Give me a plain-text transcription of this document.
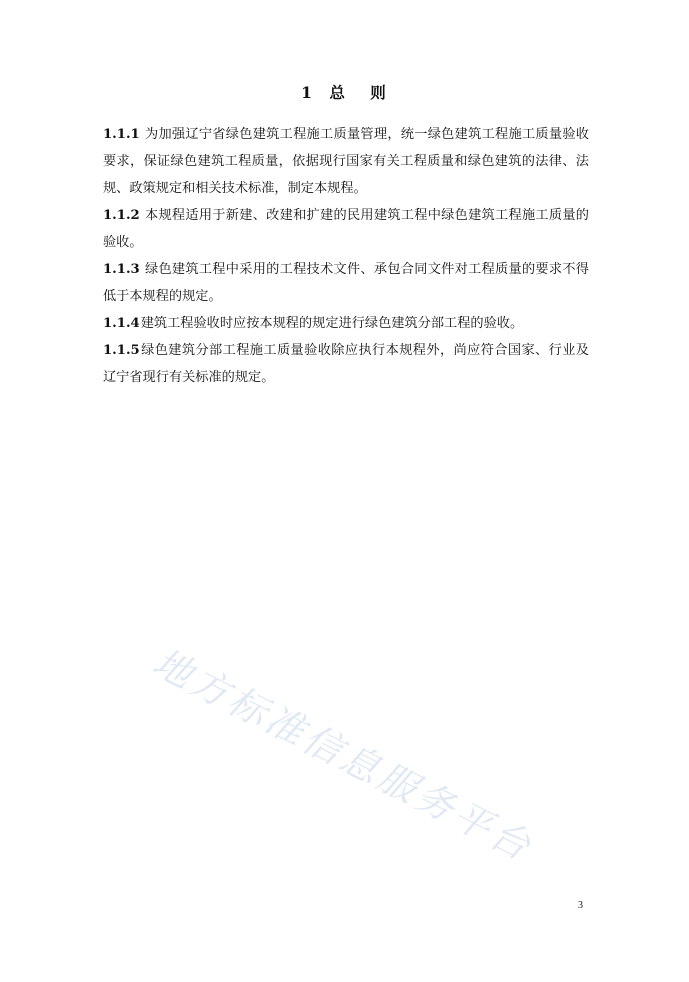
地方标准信息服务平台
1 总 则

1.1.1 为加强辽宁省绿色建筑工程施工质量管理，统一绿色建筑工程施工质量验收要求，保证绿色建筑工程质量，依据现行国家有关工程质量和绿色建筑的法律、法规、政策规定和相关技术标准，制定本规程。

1.1.2 本规程适用于新建、改建和扩建的民用建筑工程中绿色建筑工程施工质量的验收。

1.1.3 绿色建筑工程中采用的工程技术文件、承包合同文件对工程质量的要求不得低于本规程的规定。

1.1.4建筑工程验收时应按本规程的规定进行绿色建筑分部工程的验收。

1.1.5绿色建筑分部工程施工质量验收除应执行本规程外，尚应符合国家、行业及辽宁省现行有关标准的规定。

3
